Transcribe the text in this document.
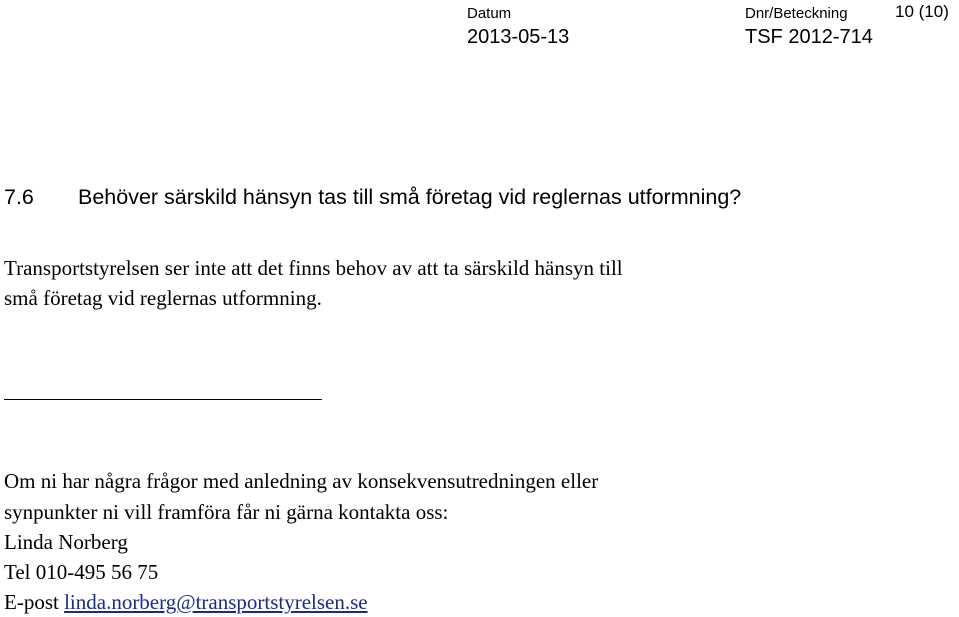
Datum
2013-05-13
Dnr/Beteckning
TSF 2012-714
10 (10)
7.6 Behöver särskild hänsyn tas till små företag vid reglernas utformning?
Transportstyrelsen ser inte att det finns behov av att ta särskild hänsyn till
små företag vid reglernas utformning.
Om ni har några frågor med anledning av konsekvensutredningen eller
synpunkter ni vill framföra får ni gärna kontakta oss:
Linda Norberg
Tel 010-495 56 75
E-post linda.norberg@transportstyrelsen.se
